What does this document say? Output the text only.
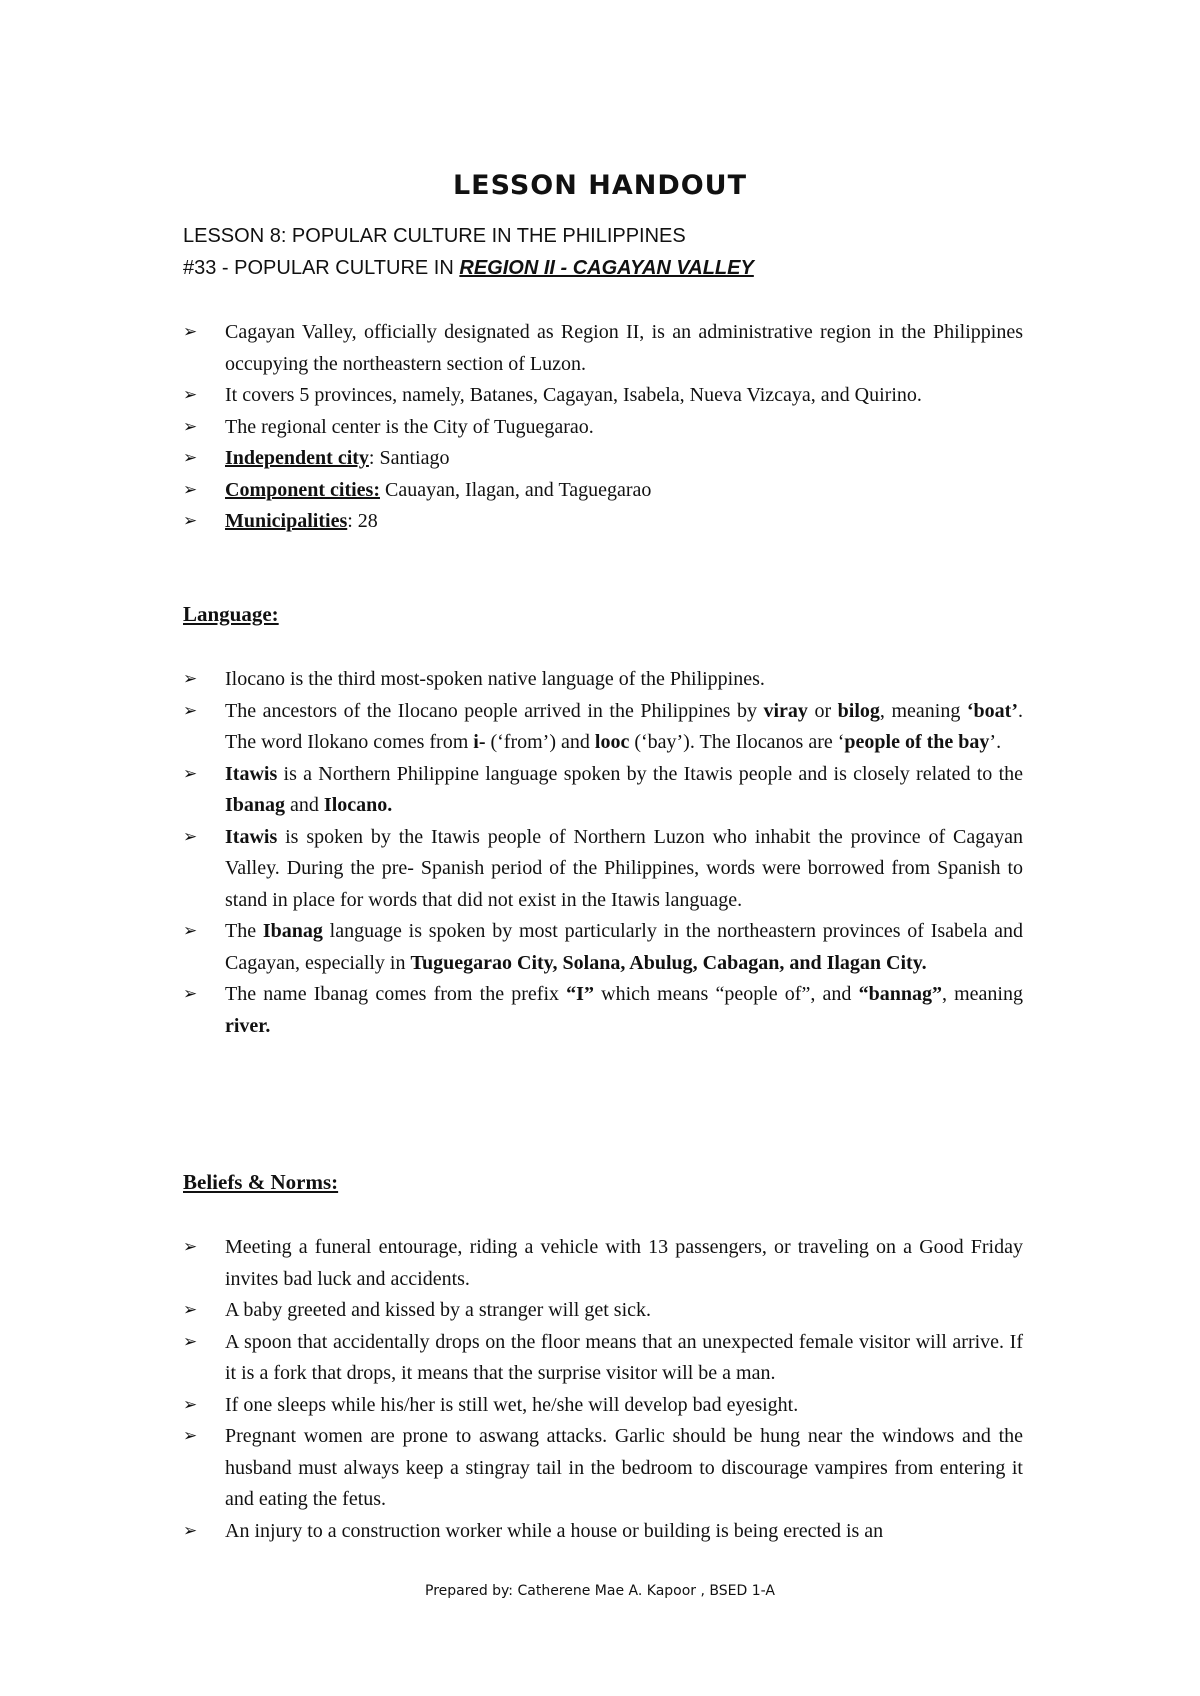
LESSON HANDOUT
LESSON 8: POPULAR CULTURE IN THE PHILIPPINES
#33 - POPULAR CULTURE IN REGION II - CAGAYAN VALLEY
➢ Cagayan Valley, officially designated as Region II, is an administrative region in the Philippines occupying the northeastern section of Luzon.
➢ It covers 5 provinces, namely, Batanes, Cagayan, Isabela, Nueva Vizcaya, and Quirino.
➢ The regional center is the City of Tuguegarao.
➢ Independent city: Santiago
➢ Component cities: Cauayan, Ilagan, and Taguegarao
➢ Municipalities: 28
Language:
➢ Ilocano is the third most-spoken native language of the Philippines.
➢ The ancestors of the Ilocano people arrived in the Philippines by viray or bilog, meaning ‘boat’. The word Ilokano comes from i- (‘from’) and looc (‘bay’). The Ilocanos are ‘people of the bay’.
➢ Itawis is a Northern Philippine language spoken by the Itawis people and is closely related to the Ibanag and Ilocano.
➢ Itawis is spoken by the Itawis people of Northern Luzon who inhabit the province of Cagayan Valley. During the pre- Spanish period of the Philippines, words were borrowed from Spanish to stand in place for words that did not exist in the Itawis language.
➢ The Ibanag language is spoken by most particularly in the northeastern provinces of Isabela and Cagayan, especially in Tuguegarao City, Solana, Abulug, Cabagan, and Ilagan City.
➢ The name Ibanag comes from the prefix “I” which means “people of”, and “bannag”, meaning river.
Beliefs & Norms:
➢ Meeting a funeral entourage, riding a vehicle with 13 passengers, or traveling on a Good Friday invites bad luck and accidents.
➢ A baby greeted and kissed by a stranger will get sick.
➢ A spoon that accidentally drops on the floor means that an unexpected female visitor will arrive. If it is a fork that drops, it means that the surprise visitor will be a man.
➢ If one sleeps while his/her is still wet, he/she will develop bad eyesight.
➢ Pregnant women are prone to aswang attacks. Garlic should be hung near the windows and the husband must always keep a stingray tail in the bedroom to discourage vampires from entering it and eating the fetus.
➢ An injury to a construction worker while a house or building is being erected is an
Prepared by: Catherene Mae A. Kapoor , BSED 1-A
